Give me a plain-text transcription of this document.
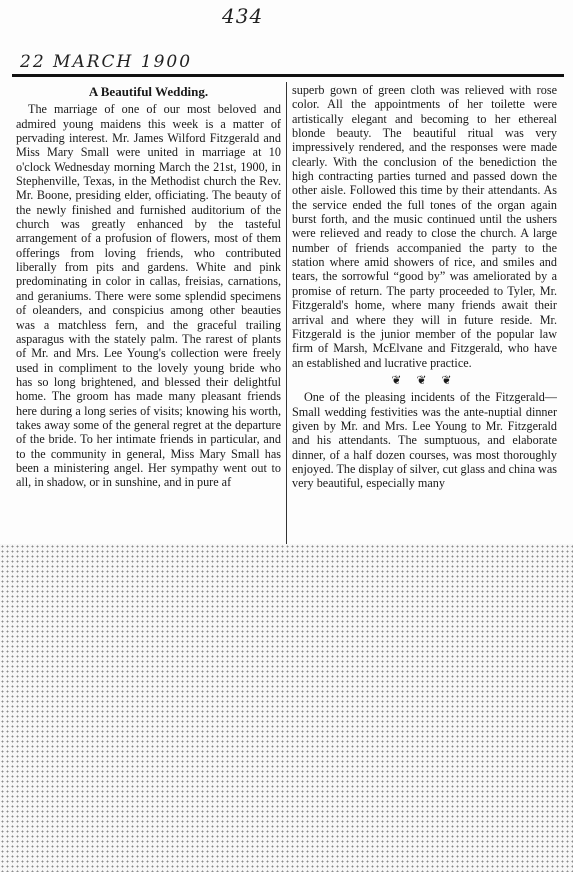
434
22 MARCH 1900
A Beautiful Wedding.

The marriage of one of our most beloved and admired young maidens this week is a matter of pervading interest. Mr. James Wilford Fitzgerald and Miss Mary Small were united in marriage at 10 o'clock Wednesday morning March the 21st, 1900, in Stephenville, Texas, in the Methodist church the Rev. Mr. Boone, presiding elder, officiating. The beauty of the newly finished and furnished auditorium of the church was greatly enhanced by the tasteful arrangement of a profusion of flowers, most of them offerings from loving friends, who contributed liberally from pits and gardens. White and pink predominating in color in callas, freisias, carnations, and geraniums. There were some splendid specimens of oleanders, and conspicius among other beauties was a matchless fern, and the graceful trailing asparagus with the stately palm. The rarest of plants of Mr. and Mrs. Lee Young's collection were freely used in compliment to the lovely young bride who has so long brightened, and blessed their delightful home. The groom has made many pleasant friends here during a long series of visits; knowing his worth, takes away some of the general regret at the departure of the bride. To her intimate friends in particular, and to the community in general, Miss Mary Small has been a ministering angel. Her sympathy went out to all, in shadow, or in sunshine, and in pure af

superb gown of green cloth was relieved with rose color. All the appointments of her toilette were artistically elegant and becoming to her ethereal blonde beauty. The beautiful ritual was very impressively rendered, and the responses were made clearly. With the conclusion of the benediction the high contracting parties turned and passed down the other aisle. Followed this time by their attendants. As the service ended the full tones of the organ again burst forth, and the music continued until the ushers were relieved and ready to close the church. A large number of friends accompanied the party to the station where amid showers of rice, and smiles and tears, the sorrowful “good by” was ameliorated by a promise of return. The party proceeded to Tyler, Mr. Fitzgerald's home, where many friends await their arrival and where they will in future reside. Mr. Fitzgerald is the junior member of the popular law firm of Marsh, McElvane and Fitzgerald, who have an established and lucrative practice.

❦ ❦ ❦

One of the pleasing incidents of the Fitzgerald—Small wedding festivities was the ante-nuptial dinner given by Mr. and Mrs. Lee Young to Mr. Fitzgerald and his attendants. The sumptuous, and elaborate dinner, of a half dozen courses, was most thoroughly enjoyed. The display of silver, cut glass and china was very beautiful, especially many
